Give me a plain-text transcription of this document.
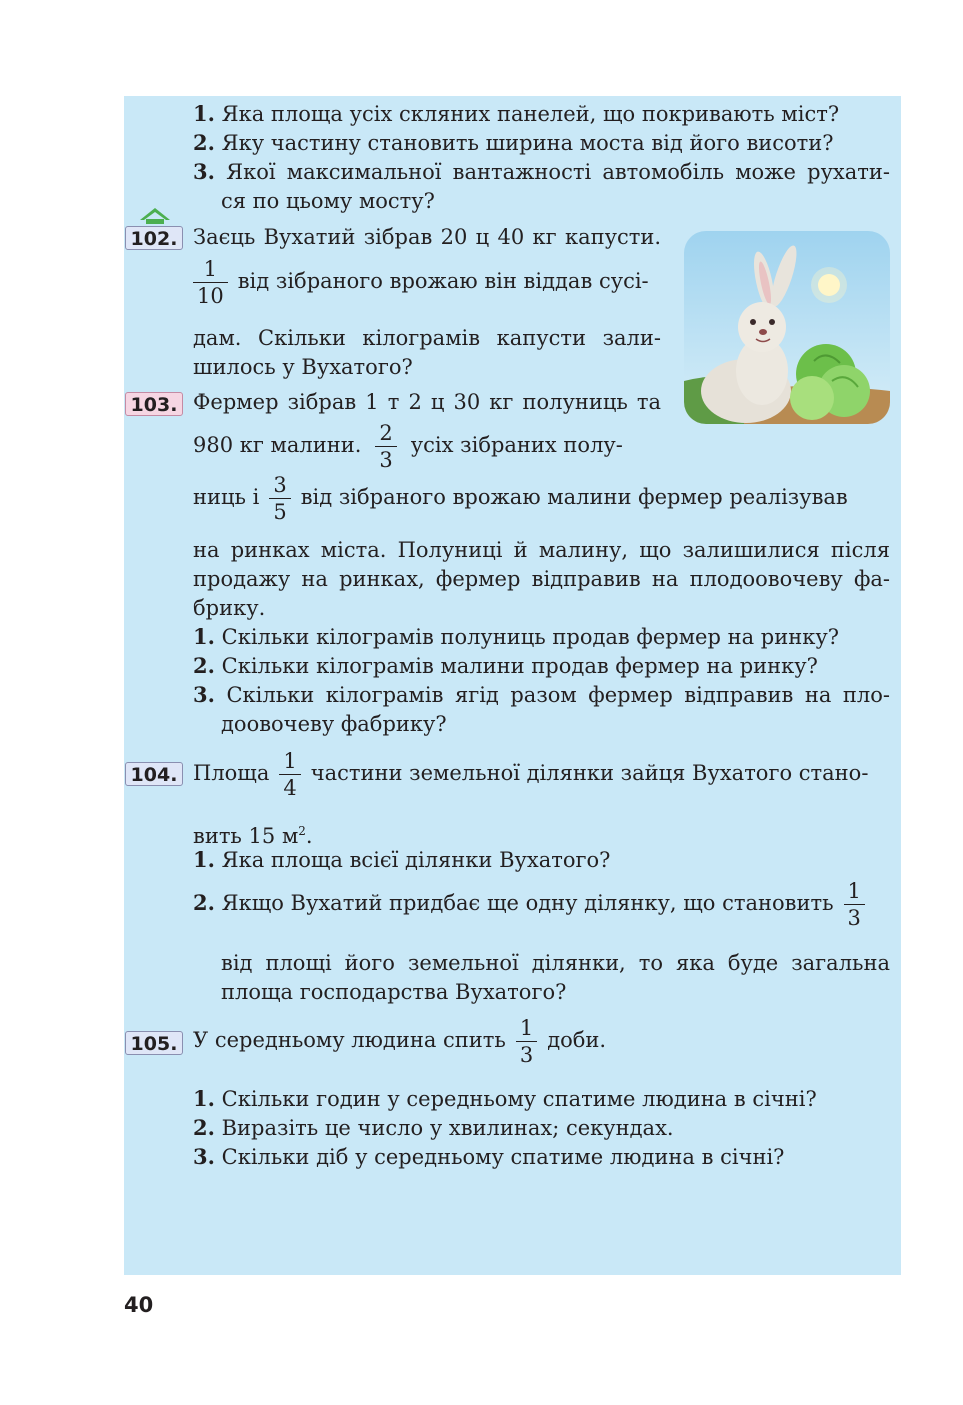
1. Яка площа усіх скляних панелей, що покривають міст?
2. Яку частину становить ширина моста від його висоти?
3. Якої максимальної вантажності автомобіль може рухати-
ся по цьому мосту?
102. Заєць Вухатий зібрав 20 ц 40 кг капусти.
$\frac{1}{10}$ від зібраного врожаю він віддав сусі-
дам. Скільки кілограмів капусти зали-
шилось у Вухатого?
103. Фермер зібрав 1 т 2 ц 30 кг полуниць та
980 кг малини. $\frac{2}{3}$ усіх зібраних полу-
ниць і $\frac{3}{5}$ від зібраного врожаю малини фермер реалізував
на ринках міста. Полуниці й малину, що залишилися після
продажу на ринках, фермер відправив на плодоовочеву фа-
брику.
1. Скільки кілограмів полуниць продав фермер на ринку?
2. Скільки кілограмів малини продав фермер на ринку?
3. Скільки кілограмів ягід разом фермер відправив на пло-
доовочеву фабрику?
104. Площа $\frac{1}{4}$ частини земельної ділянки зайця Вухатого стано-
вить 15 $м^2$.
1. Яка площа всієї ділянки Вухатого?
2. Якщо Вухатий придбає ще одну ділянку, що становить $\frac{1}{3}$
від площі його земельної ділянки, то яка буде загальна
площа господарства Вухатого?
105. У середньому людина спить $\frac{1}{3}$ доби.
1. Скільки годин у середньому спатиме людина в січні?
2. Виразіть це число у хвилинах; секундах.
3. Скільки діб у середньому спатиме людина в січні?
40
